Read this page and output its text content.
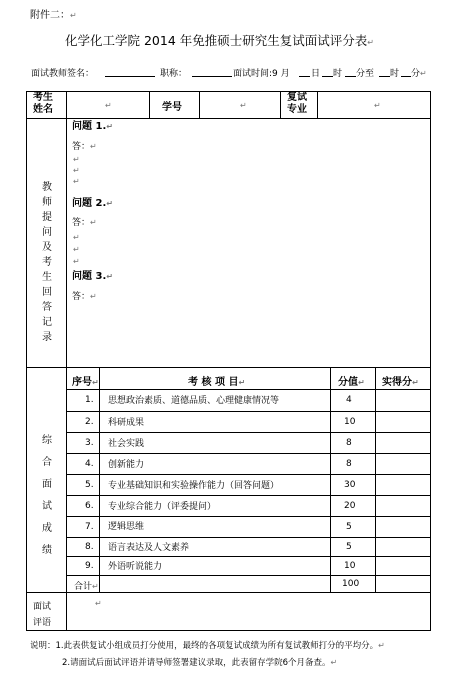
附件二：↵
化学化工学院 2014 年免推硕士研究生复试面试评分表↵
面试教师签名：	职称：	面试时间:9 月 日 时 分至 时 分↵
考生
姓名	↵	学号	↵
复试
专业	↵
教
师
提
问
及
考
生
回
答
记
录
问题 1.↵
答：↵
↵
↵
↵
问题 2.↵
答：↵
↵
↵
↵
问题 3.↵
答：↵
综
合
面
试
成
绩
序号↵	考 核 项 目↵	分值↵ 实得分↵
1. 思想政治素质、道德品质、心理健康情况等	4
2. 科研成果	10
3. 社会实践	8
4. 创新能力	8
5. 专业基础知识和实验操作能力（回答问题）	30
6. 专业综合能力（评委提问）	20
7. 逻辑思维	5
8. 语言表达及人文素养	5
9. 外语听说能力	10
合计↵	100
面试
评语
↵
说明：1.此表供复试小组成员打分使用，最终的各项复试成绩为所有复试教师打分的平均分。↵
2.请面试后面试评语并请导师签署建议录取，此表留存学院6个月备查。↵
